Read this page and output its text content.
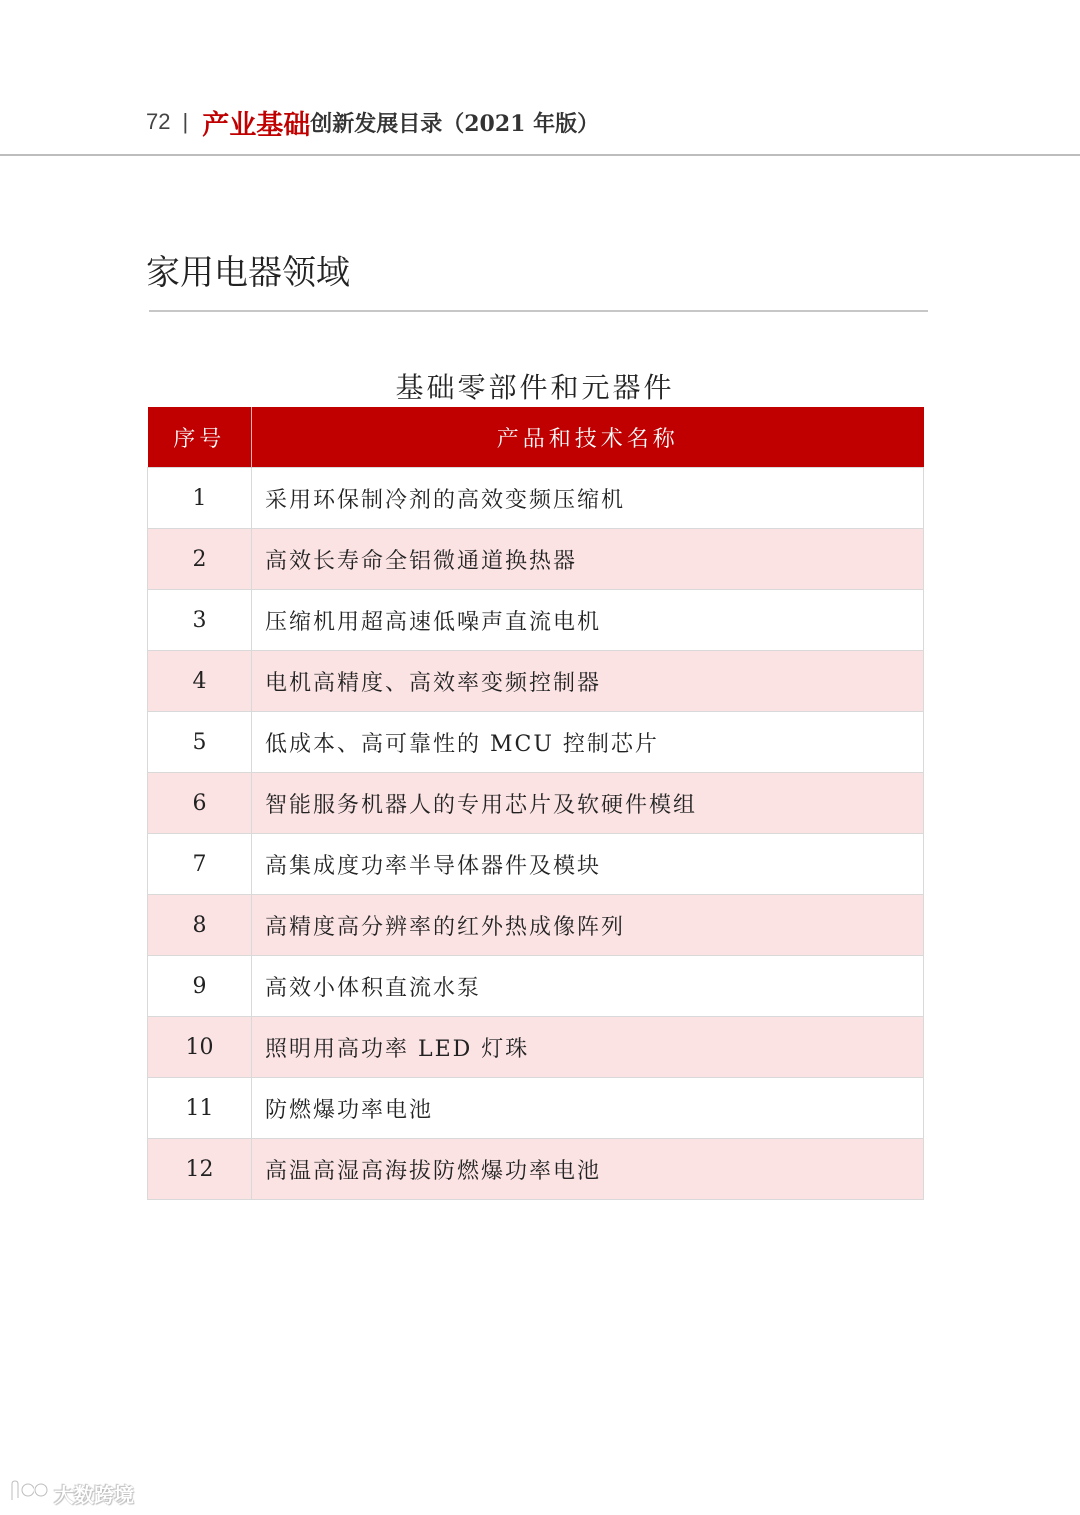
72 | 产业基础 创新发展目录（2021 年版）
家用电器领域
基础零部件和元器件
序号	产品和技术名称
1	采用环保制冷剂的高效变频压缩机
2	高效长寿命全铝微通道换热器
3	压缩机用超高速低噪声直流电机
4	电机高精度、高效率变频控制器
5	低成本、高可靠性的 MCU 控制芯片
6	智能服务机器人的专用芯片及软硬件模组
7	高集成度功率半导体器件及模块
8	高精度高分辨率的红外热成像阵列
9	高效小体积直流水泵
10	照明用高功率 LED 灯珠
11	防燃爆功率电池
12	高温高湿高海拔防燃爆功率电池
大数跨境
